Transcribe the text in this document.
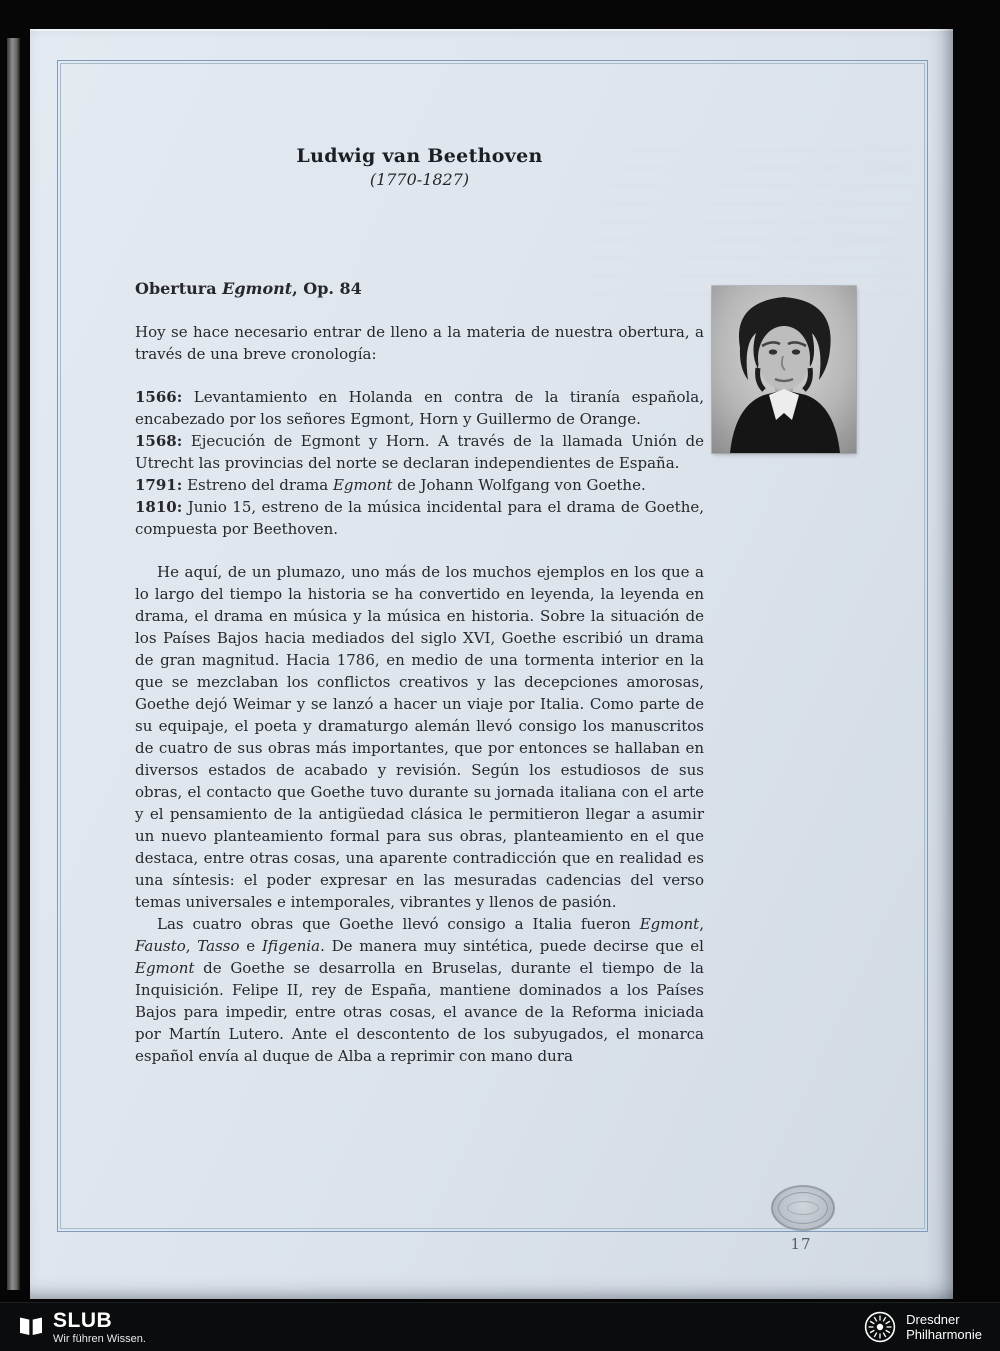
Ludwig van Beethoven
(1770-1827)
Obertura Egmont, Op. 84

Hoy se hace necesario entrar de lleno a la materia de nuestra obertura, a través de una breve cronología:

1566: Levantamiento en Holanda en contra de la tiranía española, encabezado por los señores Egmont, Horn y Guillermo de Orange.

1568: Ejecución de Egmont y Horn. A través de la llamada Unión de Utrecht las provincias del norte se declaran independientes de España.

1791: Estreno del drama Egmont de Johann Wolfgang von Goethe.

1810: Junio 15, estreno de la música incidental para el drama de Goethe, compuesta por Beethoven.

He aquí, de un plumazo, uno más de los muchos ejemplos en los que a lo largo del tiempo la historia se ha convertido en leyenda, la leyenda en drama, el drama en música y la música en historia. Sobre la situación de los Países Bajos hacia mediados del siglo XVI, Goethe escribió un drama de gran magnitud. Hacia 1786, en medio de una tormenta interior en la que se mezclaban los conflictos creativos y las decepciones amorosas, Goethe dejó Weimar y se lanzó a hacer un viaje por Italia. Como parte de su equipaje, el poeta y dramaturgo alemán llevó consigo los manuscritos de cuatro de sus obras más importantes, que por entonces se hallaban en diversos estados de acabado y revisión. Según los estudiosos de sus obras, el contacto que Goethe tuvo durante su jornada italiana con el arte y el pensamiento de la antigüedad clásica le permitieron llegar a asumir un nuevo planteamiento formal para sus obras, planteamiento en el que destaca, entre otras cosas, una aparente contradicción que en realidad es una síntesis: el poder expresar en las mesuradas cadencias del verso temas universales e intemporales, vibrantes y llenos de pasión.

Las cuatro obras que Goethe llevó consigo a Italia fueron Egmont, Fausto, Tasso e Ifigenia. De manera muy sintética, puede decirse que el Egmont de Goethe se desarrolla en Bruselas, durante el tiempo de la Inquisición. Felipe II, rey de España, mantiene dominados a los Países Bajos para impedir, entre otras cosas, el avance de la Reforma iniciada por Martín Lutero. Ante el descontento de los subyugados, el monarca español envía al duque de Alba a reprimir con mano dura

17
SLUB
Wir führen Wissen.
Dresdner
Philharmonie
